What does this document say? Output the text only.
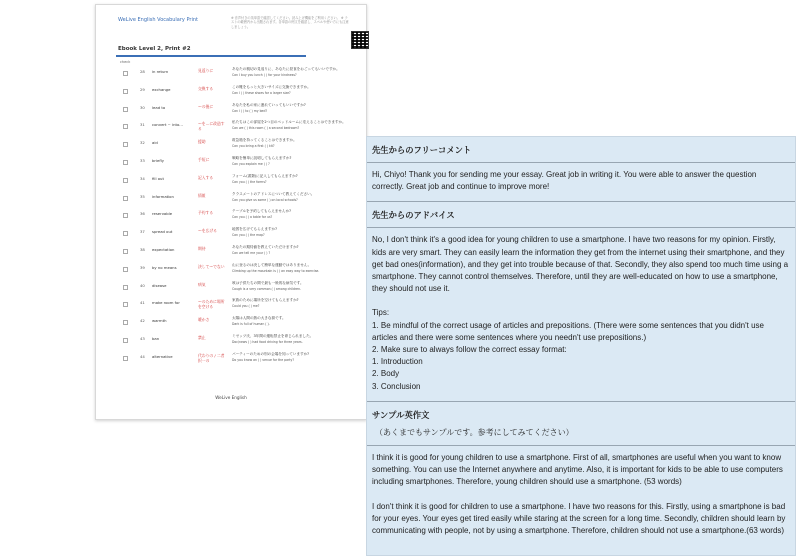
WeLive English Vocabulary Print	※ 音声付きの英単語で確認してください。読み上げ機能をご利用ください。 ※ テストの範囲内から出題されます。各単語の例文を確認し、スペルや使い方にも注意しましょう。
Ebook Level 2, Print #2
check
28 in return	見返りに	あなたの親切の見返りに、あなたに昼食をおごってもいいですか。
Can I buy you lunch ( ) for your kindness?
29 exchange	交換する	この靴をもっと大きいサイズに交換できますか。
Can I ( ) these shoes for a larger size?
30 lead to	〜の後に	あなたを私の家に連れていってもいいですか?
Can I ( ) to ( ) my bed?
31 convert ~ into...	〜を…に改造する
私たちはこの部屋を2つ目のベッドルームに変えることはできますか。
Can we ( ) this room ( ) a second bedroom?
32 aid	援助	救急箱を持ってくることはできますか。
Can you bring a first ( ) kit?
33 briefly	手短に	戦略を簡単に説明してもらえますか?
Can you explain me ( ) ?
34 fill out	記入する	フォーム(書類)に記入してもらえますか?
Can you ( ) the forms?
35 information	情報	クラスメートのアドレスについて教えてください。
Can you give us some ( ) on local schools?
36 reservable	予約する	テーブルを予約してもらえませんか?
Can you ( ) a table for us?
37 spread out	〜を広げる	地図を広げてもらえますか?
Can you ( ) the map?
38 expectation	期待	あなたの期待値を教えていただけますか?
Can we tell me your ( ) ?
39 by no means	決して〜でない	山に登るのは決して簡単な運動ではありません。
Climbing up the mountain is ( ) an easy way to exercise.
40 disease	病気	咳は子供たちの間で最も一般的な病気です。
Cough is a very common ( ) among children.
41 make room for	〜のために場所を空ける
家族のために場所を空けてもらえますか?
Could you ( ) me?
42 warmth	暖かさ	太陽は人間の熱の大きな源です。
Dark is full of human ( ).
43 ban	禁止	ミゼッツ氏、3年間の運転禁止を命じられました。
Doc/news ( ) had food driving for three years.
44 alternative	代わりの / 二者択一の
パーティーのための別の会場を知っていますか?
Do you know an ( ) venue for the party?
WeLive English
先生からのフリーコメント

Hi, Chiyo! Thank you for sending me your essay. Great job in writing it. You were able to answer the question correctly. Great job and continue to improve more!

先生からのアドバイス

No, I don't think it's a good idea for young children to use a smartphone. I have two reasons for my opinion. Firstly, kids are very smart. They can easily learn the information they get from the internet using their smartphone, and they get bad ones(information), and they get into trouble because of that. Secondly, they also spend too much time using a smartphone. They cannot control themselves. Therefore, until they are well-educated on how to use a smartphone, they should not use it.

Tips:

1. Be mindful of the correct usage of articles and prepositions. (There were some sentences that you didn't use articles and there were some sentences where you needn't use prepositions.)

2. Make sure to always follow the correct essay format:

1. Introduction

2. Body

3. Conclusion

サンプル英作文

（あくまでもサンプルです。参考にしてみてください）

I think it is good for young children to use a smartphone. First of all, smartphones are useful when you want to know something. You can use the Internet anywhere and anytime. Also, it is important for kids to be able to use computers including smartphones. Therefore, young children should use a smartphone. (53 words)

I don't think it is good for children to use a smartphone. I have two reasons for this. Firstly, using a smartphone is bad for your eyes. Your eyes get tired easily while staring at the screen for a long time. Secondly, children should learn by communicating with people, not by using a smartphone. Therefore, children should not use a smartphone.(63 words)
